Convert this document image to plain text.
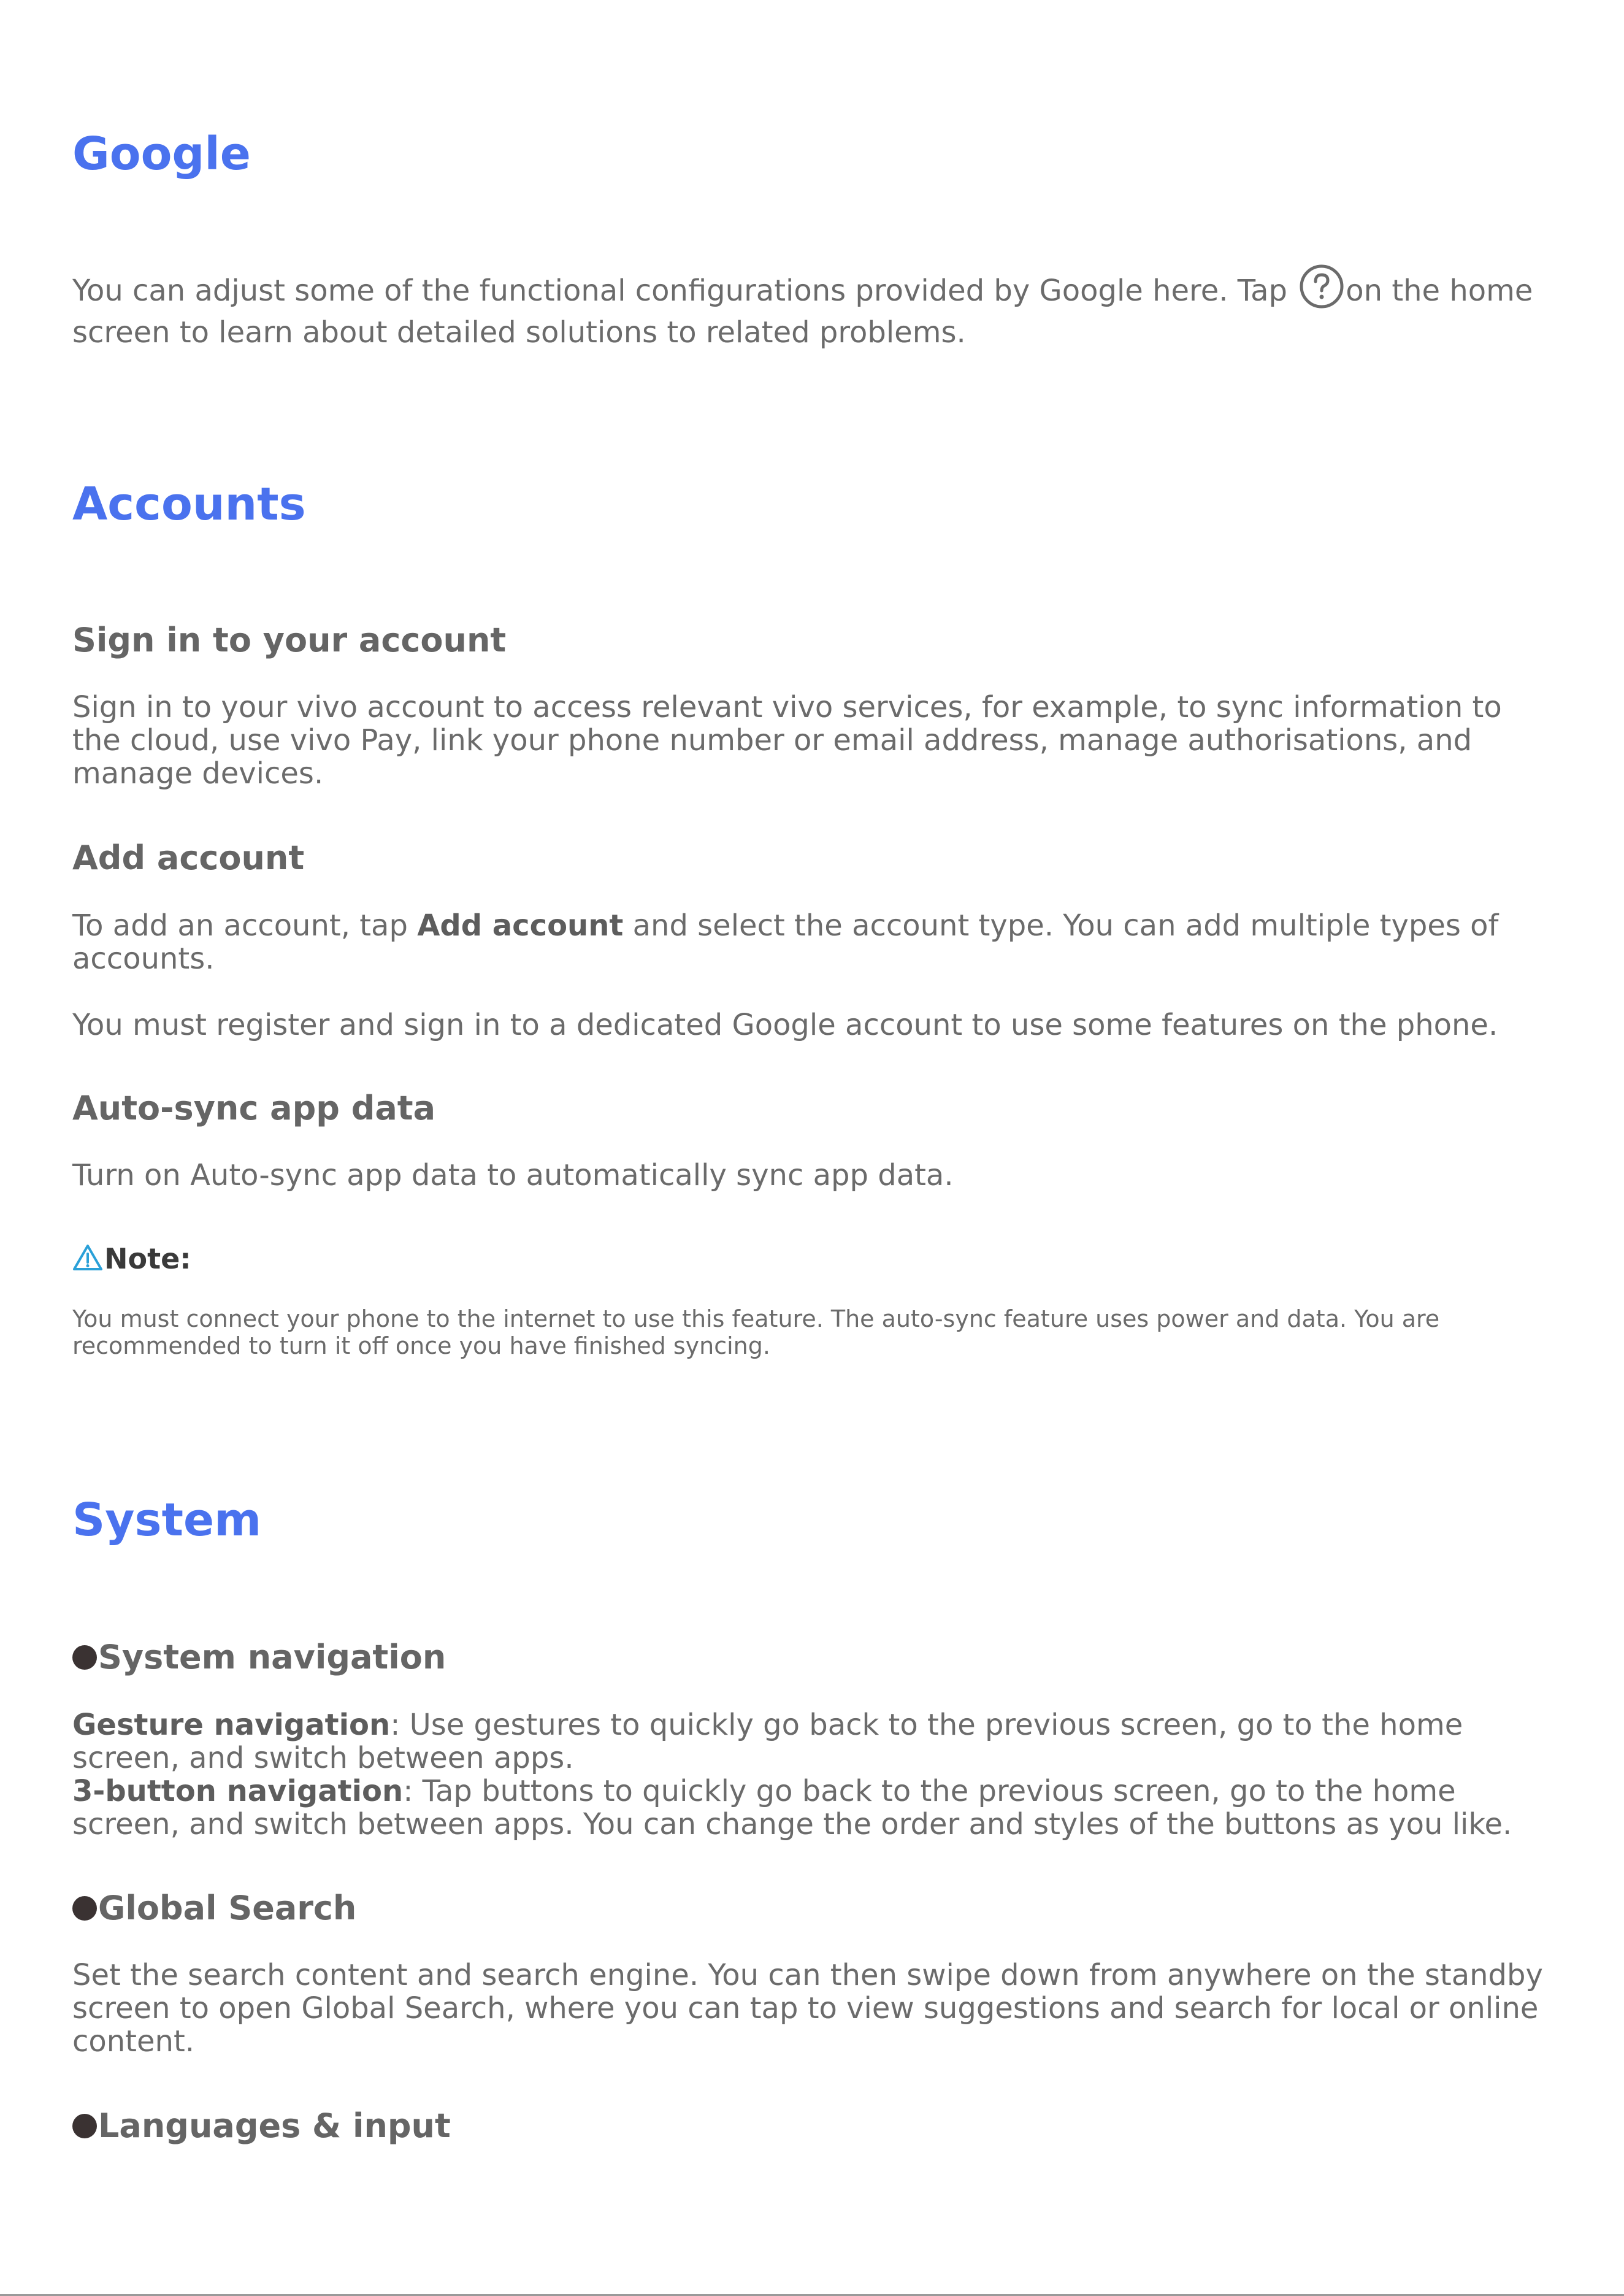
Google

You can adjust some of the functional configurations provided by Google here. Tap on the home screen to learn about detailed solutions to related problems.

Accounts
Sign in to your account

Sign in to your vivo account to access relevant vivo services, for example, to sync information to the cloud, use vivo Pay, link your phone number or email address, manage authorisations, and manage devices.

Add account

To add an account, tap Add account and select the account type. You can add multiple types of accounts.

You must register and sign in to a dedicated Google account to use some features on the phone.

Auto-sync app data

Turn on Auto-sync app data to automatically sync app data.

Note:

You must connect your phone to the internet to use this feature. The auto-sync feature uses power and data. You are recommended to turn it off once you have finished syncing.

System
System navigation

Gesture navigation: Use gestures to quickly go back to the previous screen, go to the home screen, and switch between apps.

3-button navigation: Tap buttons to quickly go back to the previous screen, go to the home screen, and switch between apps. You can change the order and styles of the buttons as you like.

Global Search

Set the search content and search engine. You can then swipe down from anywhere on the standby screen to open Global Search, where you can tap to view suggestions and search for local or online content.

Languages & input
